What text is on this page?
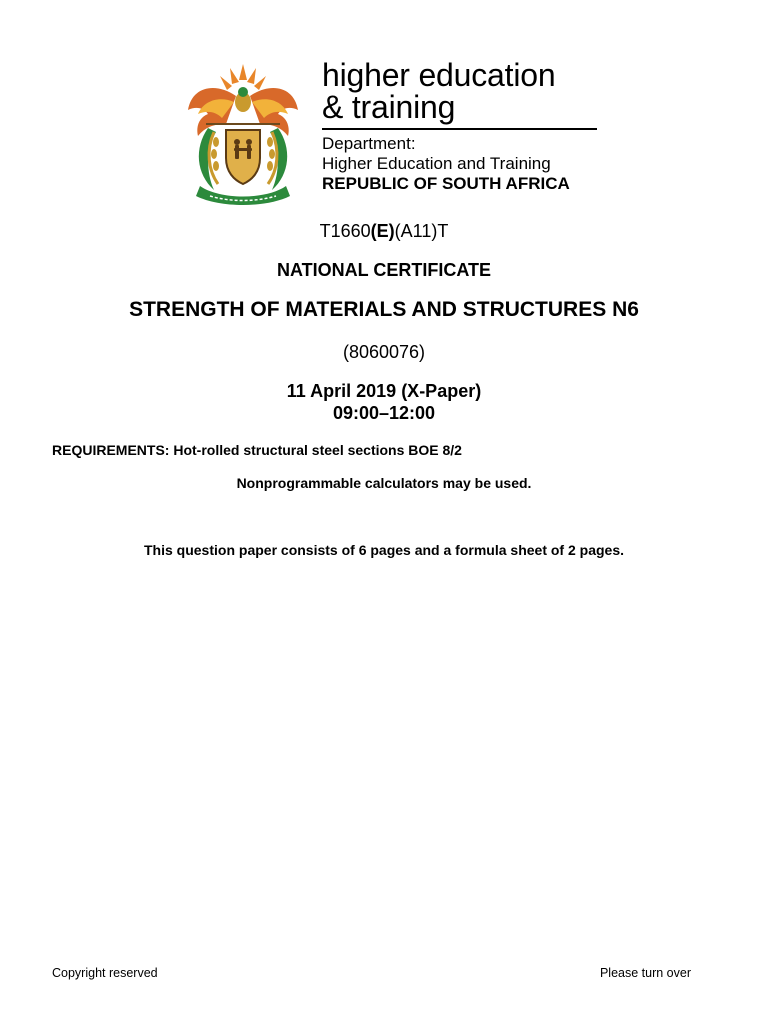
higher education
& training
Department:
Higher Education and Training
REPUBLIC OF SOUTH AFRICA
T1660(E)(A11)T
NATIONAL CERTIFICATE
STRENGTH OF MATERIALS AND STRUCTURES N6
(8060076)
11 April 2019 (X-Paper)
09:00–12:00
REQUIREMENTS: Hot-rolled structural steel sections BOE 8/2
Nonprogrammable calculators may be used.
This question paper consists of 6 pages and a formula sheet of 2 pages.
Copyright reserved	Please turn over
